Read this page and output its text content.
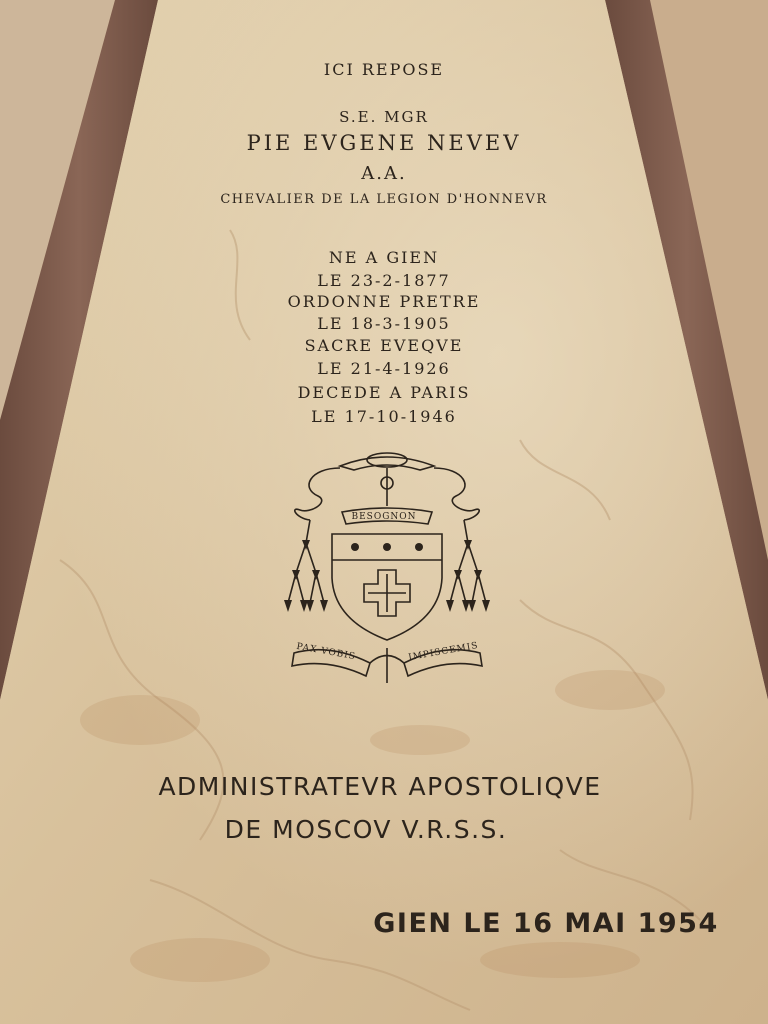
ICI REPOSE
S.E. MGR
PIE EVGENE NEVEV
A.A.
CHEVALIER DE LA LEGION D'HONNEVR
NE A GIEN
LE 23-2-1877
ORDONNE PRETRE
LE 18-3-1905
SACRE EVEQVE
LE 21-4-1926
DECEDE A PARIS
LE 17-10-1946
BESOGNON
PAX VOBIS	IMPISCEMIS
ADMINISTRATEVR APOSTOLIQVE
DE MOSCOV V.R.S.S.
GIEN LE 16 MAI 1954
